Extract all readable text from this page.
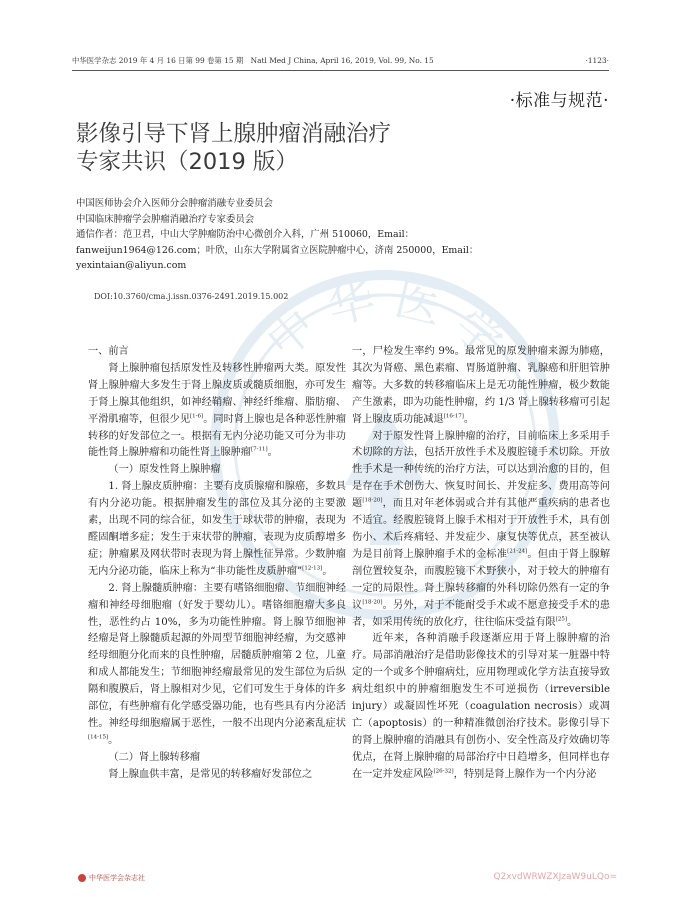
中华医学杂志 2019 年 4 月 16 日第 99 卷第 15 期　Natl Med J China, April 16, 2019, Vol. 99, No. 15	·1123·
·标准与规范·
影像引导下肾上腺肿瘤消融治疗
专家共识（2019 版）
中国医师协会介入医师分会肿瘤消融专业委员会
中国临床肿瘤学会肿瘤消融治疗专家委员会
通信作者：范卫君，中山大学肿瘤防治中心微创介入科，广州 510060，Email：
fanweijun1964@126.com；叶欣，山东大学附属省立医院肿瘤中心，济南 250000，Email：
yexintaian@aliyun.com
DOI:10.3760/cma.j.issn.0376-2491.2019.15.002
中 华 医 学

一、前言

肾上腺肿瘤包括原发性及转移性肿瘤两大类。原发性肾上腺肿瘤大多发生于肾上腺皮质或髓质细胞，亦可发生于肾上腺其他组织，如神经鞘瘤、神经纤维瘤、脂肪瘤、平滑肌瘤等，但很少见[1-6]。同时肾上腺也是各种恶性肿瘤转移的好发部位之一。根据有无内分泌功能又可分为非功能性肾上腺肿瘤和功能性肾上腺肿瘤[7-11]。

（一）原发性肾上腺肿瘤

1. 肾上腺皮质肿瘤：主要有皮质腺瘤和腺癌，多数具有内分泌功能。根据肿瘤发生的部位及其分泌的主要激素，出现不同的综合征，如发生于球状带的肿瘤，表现为醛固酮增多症；发生于束状带的肿瘤，表现为皮质醇增多症；肿瘤累及网状带时表现为肾上腺性征异常。少数肿瘤无内分泌功能，临床上称为“非功能性皮质肿瘤”[12-13]。

2. 肾上腺髓质肿瘤：主要有嗜铬细胞瘤、节细胞神经瘤和神经母细胞瘤（好发于婴幼儿）。嗜铬细胞瘤大多良性，恶性约占 10%，多为功能性肿瘤。肾上腺节细胞神经瘤是肾上腺髓质起源的外周型节细胞神经瘤，为交感神经母细胞分化而来的良性肿瘤，居髓质肿瘤第 2 位，儿童和成人都能发生；节细胞神经瘤最常见的发生部位为后纵隔和腹膜后，肾上腺相对少见，它们可发生于身体的许多部位，有些肿瘤有化学感受器功能，也有些具有内分泌活性。神经母细胞瘤属于恶性，一般不出现内分泌紊乱症状[14-15]。

（二）肾上腺转移瘤

肾上腺血供丰富，是常见的转移瘤好发部位之

一，尸检发生率约 9%。最常见的原发肿瘤来源为肺癌，其次为肾癌、黑色素瘤、胃肠道肿瘤、乳腺癌和肝胆管肿瘤等。大多数的转移瘤临床上是无功能性肿瘤，极少数能产生激素，即为功能性肿瘤，约 1/3 肾上腺转移瘤可引起肾上腺皮质功能减退[16-17]。

对于原发性肾上腺肿瘤的治疗，目前临床上多采用手术切除的方法，包括开放性手术及腹腔镜手术切除。开放性手术是一种传统的治疗方法，可以达到治愈的目的，但是存在手术创伤大、恢复时间长、并发症多、费用高等问题[18-20]，而且对年老体弱或合并有其他严重疾病的患者也不适宜。经腹腔镜肾上腺手术相对于开放性手术，具有创伤小、术后疼痛轻、并发症少、康复快等优点，甚至被认为是目前肾上腺肿瘤手术的金标准[21-24]。但由于肾上腺解剖位置较复杂，而腹腔镜下术野狭小，对于较大的肿瘤有一定的局限性。肾上腺转移瘤的外科切除仍然有一定的争议[18-20]。另外，对于不能耐受手术或不愿意接受手术的患者，如采用传统的放化疗，往往临床受益有限[25]。

近年来，各种消融手段逐渐应用于肾上腺肿瘤的治疗。局部消融治疗是借助影像技术的引导对某一脏器中特定的一个或多个肿瘤病灶，应用物理或化学方法直接导致病灶组织中的肿瘤细胞发生不可逆损伤（irreversible injury）或凝固性坏死（coagulation necrosis）或凋亡（apoptosis）的一种精准微创治疗技术。影像引导下的肾上腺肿瘤的消融具有创伤小、安全性高及疗效确切等优点，在肾上腺肿瘤的局部治疗中日趋增多，但同样也存在一定并发症风险[26-32]，特别是肾上腺作为一个内分泌

中华医学会杂志社	Q2xvdWRWZXJzaW9uLQo=
